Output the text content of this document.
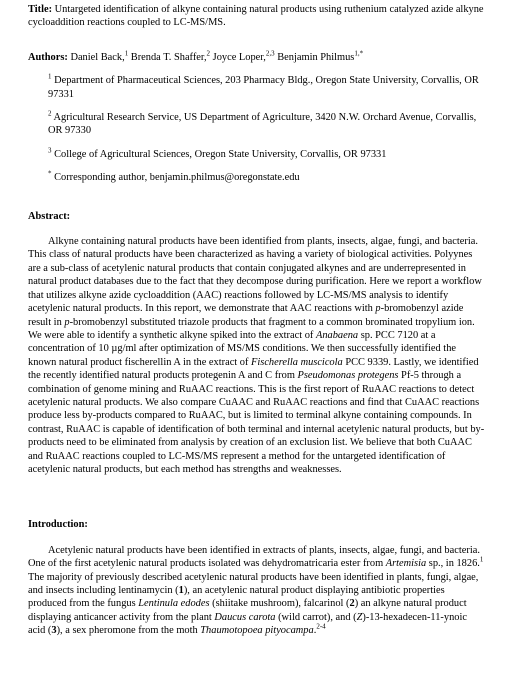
Title: Untargeted identification of alkyne containing natural products using ruthenium catalyzed azide alkyne cycloaddition reactions coupled to LC-MS/MS.
Authors: Daniel Back,$^1$ Brenda T. Shaffer,$^2$ Joyce Loper,$^{2,3}$ Benjamin Philmus$^{1,*}$
$^1$ Department of Pharmaceutical Sciences, 203 Pharmacy Bldg., Oregon State University, Corvallis, OR 97331
$^2$ Agricultural Research Service, US Department of Agriculture, 3420 N.W. Orchard Avenue, Corvallis, OR 97330
$^3$ College of Agricultural Sciences, Oregon State University, Corvallis, OR 97331
* Corresponding author, benjamin.philmus@oregonstate.edu
Abstract:
Alkyne containing natural products have been identified from plants, insects, algae, fungi, and bacteria. This class of natural products have been characterized as having a variety of biological activities. Polyynes are a sub-class of acetylenic natural products that contain conjugated alkynes and are underrepresented in natural product databases due to the fact that they decompose during purification. Here we report a workflow that utilizes alkyne azide cycloaddition (AAC) reactions followed by LC-MS/MS analysis to identify acetylenic natural products. In this report, we demonstrate that AAC reactions with p-bromobenzyl azide result in p-bromobenzyl substituted triazole products that fragment to a common brominated tropylium ion. We were able to identify a synthetic alkyne spiked into the extract of Anabaena sp. PCC 7120 at a concentration of 10 µg/ml after optimization of MS/MS conditions. We then successfully identified the known natural product fischerellin A in the extract of Fischerella muscicola PCC 9339. Lastly, we identified the recently identified natural products protegenin A and C from Pseudomonas protegens Pf-5 through a combination of genome mining and RuAAC reactions. This is the first report of RuAAC reactions to detect acetylenic natural products. We also compare CuAAC and RuAAC reactions and find that CuAAC reactions produce less by-products compared to RuAAC, but is limited to terminal alkyne containing compounds. In contrast, RuAAC is capable of identification of both terminal and internal acetylenic natural products, but by-products need to be eliminated from analysis by creation of an exclusion list. We believe that both CuAAC and RuAAC reactions coupled to LC-MS/MS represent a method for the untargeted identification of acetylenic natural products, but each method has strengths and weaknesses.
Introduction:
Acetylenic natural products have been identified in extracts of plants, insects, algae, fungi, and bacteria. One of the first acetylenic natural products isolated was dehydromatricaria ester from Artemisia sp., in 1826.$^1$ The majority of previously described acetylenic natural products have been identified in plants, fungi, algae, and insects including lentinamycin (1), an acetylenic natural product displaying antibiotic properties produced from the fungus Lentinula edodes (shiitake mushroom), falcarinol (2) an alkyne natural product displaying anticancer activity from the plant Daucus carota (wild carrot), and (Z)-13-hexadecen-11-ynoic acid (3), a sex pheromone from the moth Thaumotopoea pityocampa.$^{2-4}$
